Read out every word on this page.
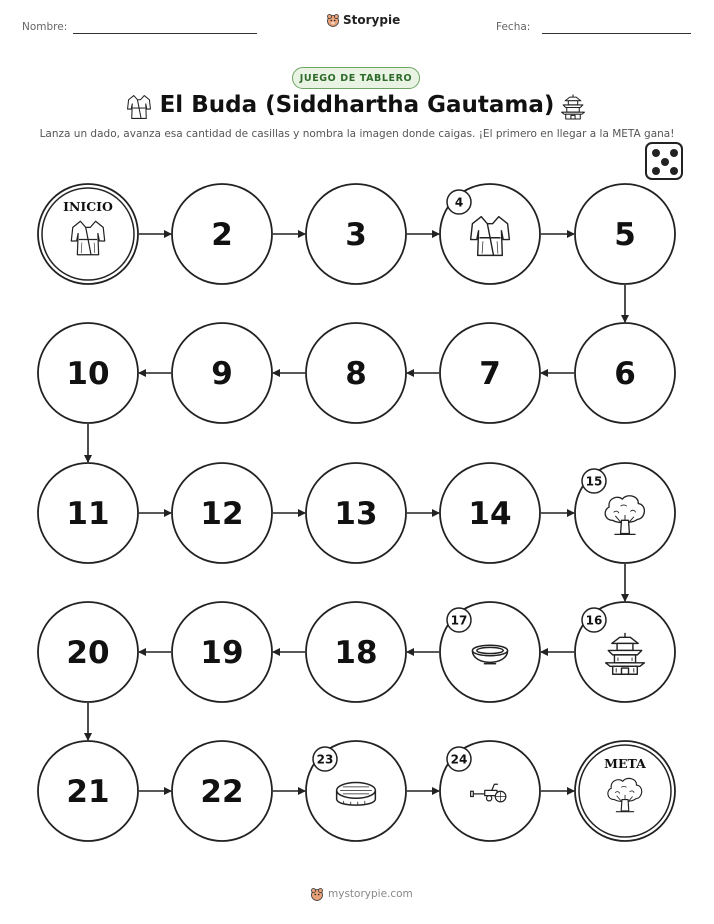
Nombre:	Storypie	Fecha:
JUEGO DE TABLERO
El Buda (Siddhartha Gautama)
Lanza un dado, avanza esa cantidad de casillas y nombra la imagen donde caigas. ¡El primero en llegar a la META gana!
INICIO
2	3
4
5
6
7
8
9
10
11	12	13	14
15
16
17
18
19
20
21	22
23	24	META
mystorypie.com
